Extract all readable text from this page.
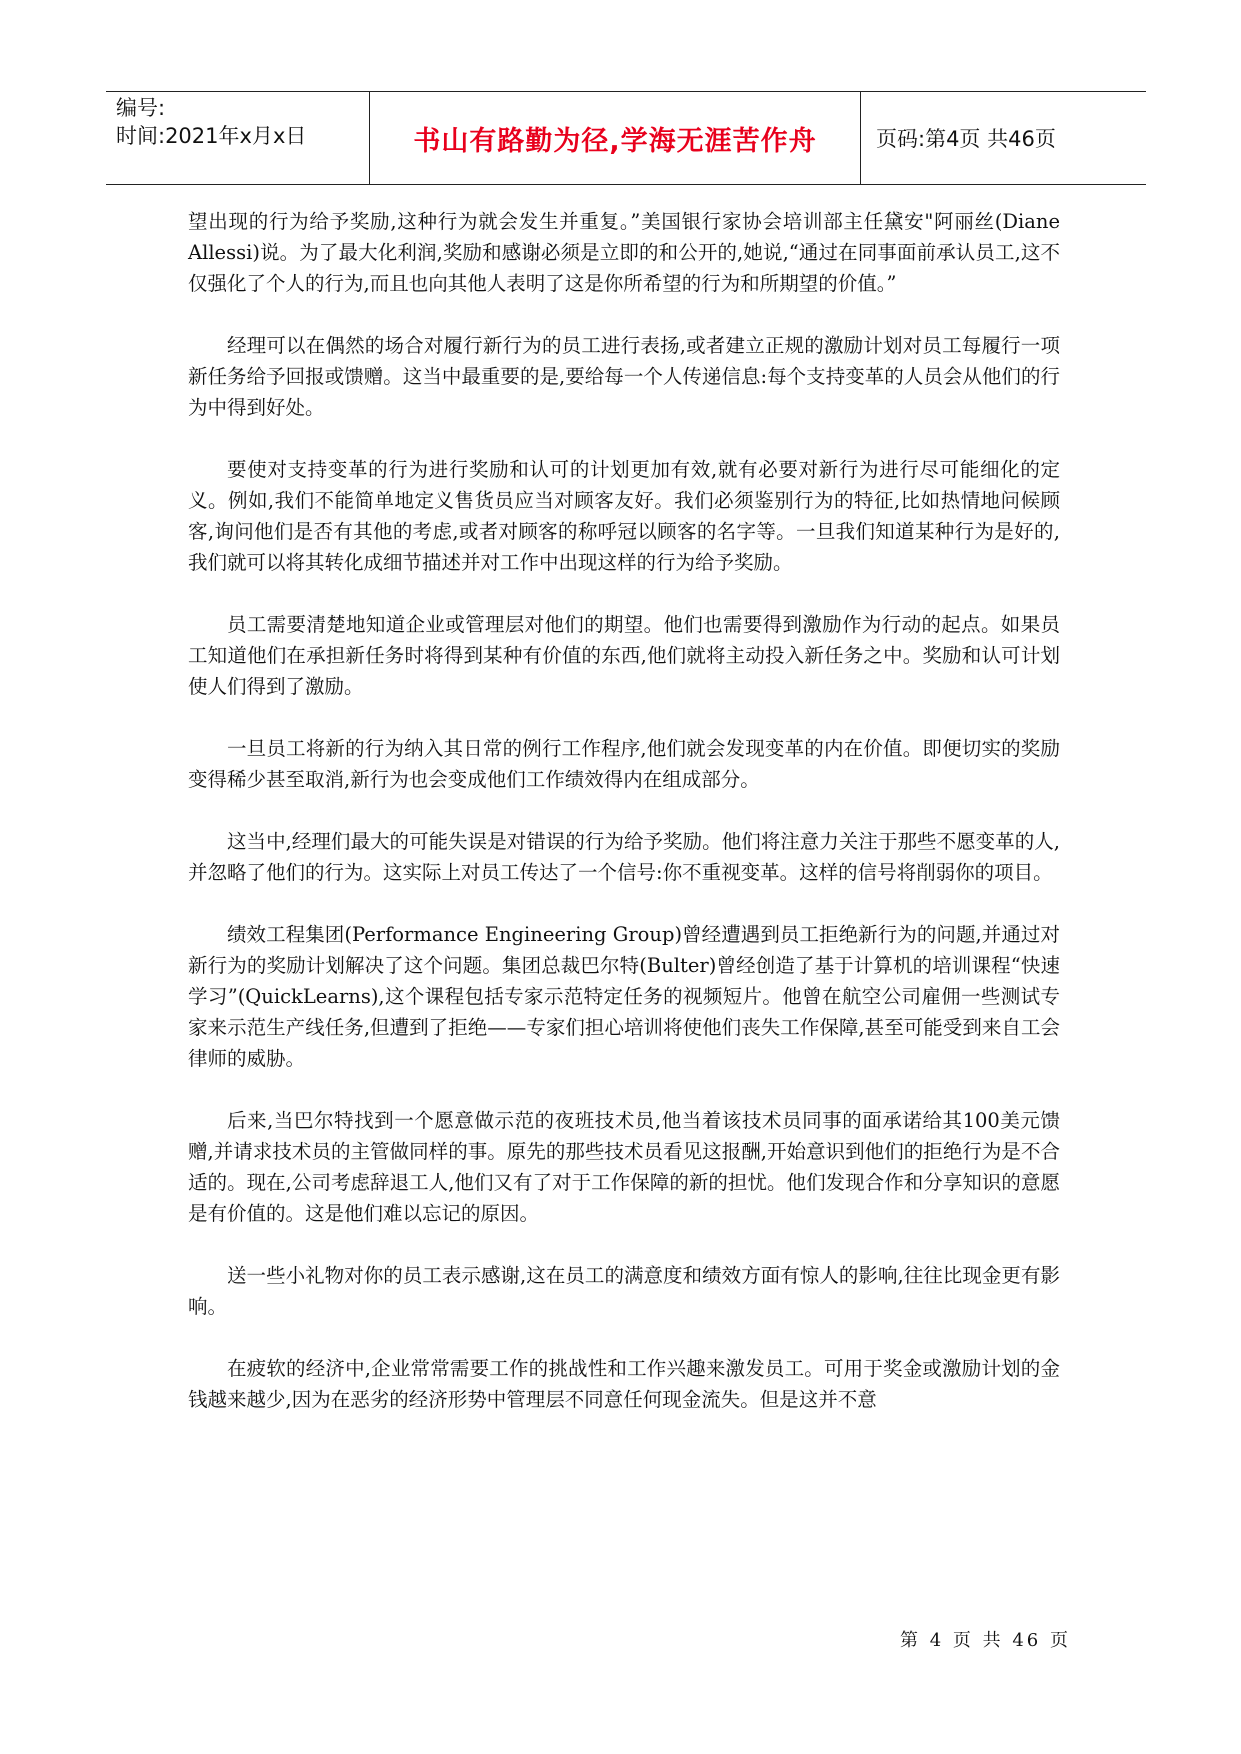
编号:
时间:2021年x月x日	书山有路勤为径,学海无涯苦作舟	页码:第4页 共46页

望出现的行为给予奖励,这种行为就会发生并重复。”美国银行家协会培训部主任黛安"阿丽丝(Diane Allessi)说。为了最大化利润,奖励和感谢必须是立即的和公开的,她说,“通过在同事面前承认员工,这不仅强化了个人的行为,而且也向其他人表明了这是你所希望的行为和所期望的价值。”

经理可以在偶然的场合对履行新行为的员工进行表扬,或者建立正规的激励计划对员工每履行一项新任务给予回报或馈赠。这当中最重要的是,要给每一个人传递信息:每个支持变革的人员会从他们的行为中得到好处。

要使对支持变革的行为进行奖励和认可的计划更加有效,就有必要对新行为进行尽可能细化的定义。例如,我们不能简单地定义售货员应当对顾客友好。我们必须鉴别行为的特征,比如热情地问候顾客,询问他们是否有其他的考虑,或者对顾客的称呼冠以顾客的名字等。一旦我们知道某种行为是好的,我们就可以将其转化成细节描述并对工作中出现这样的行为给予奖励。

员工需要清楚地知道企业或管理层对他们的期望。他们也需要得到激励作为行动的起点。如果员工知道他们在承担新任务时将得到某种有价值的东西,他们就将主动投入新任务之中。奖励和认可计划使人们得到了激励。

一旦员工将新的行为纳入其日常的例行工作程序,他们就会发现变革的内在价值。即便切实的奖励变得稀少甚至取消,新行为也会变成他们工作绩效得内在组成部分。

这当中,经理们最大的可能失误是对错误的行为给予奖励。他们将注意力关注于那些不愿变革的人,并忽略了他们的行为。这实际上对员工传达了一个信号:你不重视变革。这样的信号将削弱你的项目。

绩效工程集团(Performance Engineering Group)曾经遭遇到员工拒绝新行为的问题,并通过对新行为的奖励计划解决了这个问题。集团总裁巴尔特(Bulter)曾经创造了基于计算机的培训课程“快速学习”(QuickLearns),这个课程包括专家示范特定任务的视频短片。他曾在航空公司雇佣一些测试专家来示范生产线任务,但遭到了拒绝——专家们担心培训将使他们丧失工作保障,甚至可能受到来自工会律师的威胁。

后来,当巴尔特找到一个愿意做示范的夜班技术员,他当着该技术员同事的面承诺给其100美元馈赠,并请求技术员的主管做同样的事。原先的那些技术员看见这报酬,开始意识到他们的拒绝行为是不合适的。现在,公司考虑辞退工人,他们又有了对于工作保障的新的担忧。他们发现合作和分享知识的意愿是有价值的。这是他们难以忘记的原因。

送一些小礼物对你的员工表示感谢,这在员工的满意度和绩效方面有惊人的影响,往往比现金更有影响。

在疲软的经济中,企业常常需要工作的挑战性和工作兴趣来激发员工。可用于奖金或激励计划的金钱越来越少,因为在恶劣的经济形势中管理层不同意任何现金流失。但是这并不意

第 4 页 共 46 页
